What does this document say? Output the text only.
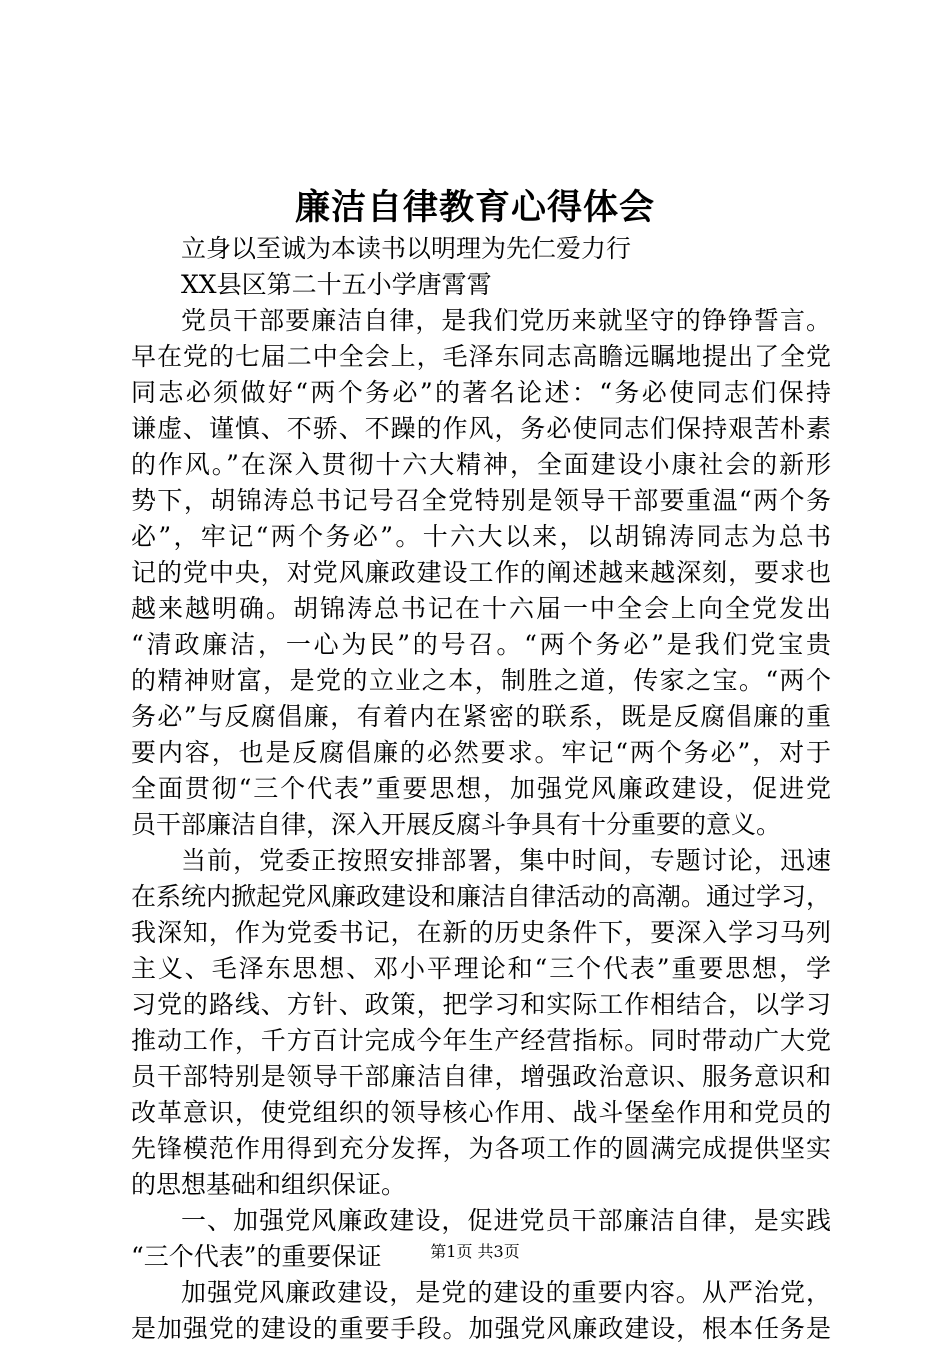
廉洁自律教育心得体会
立身以至诚为本读书以明理为先仁爱力行
XX县区第二十五小学唐霄霄
党员干部要廉洁自律，是我们党历来就坚守的铮铮誓言。
早在党的七届二中全会上，毛泽东同志高瞻远瞩地提出了全党
同志必须做好“两个务必”的著名论述：“务必使同志们保持
谦虚、谨慎、不骄、不躁的作风，务必使同志们保持艰苦朴素
的作风。”在深入贯彻十六大精神，全面建设小康社会的新形
势下，胡锦涛总书记号召全党特别是领导干部要重温“两个务
必”，牢记“两个务必”。十六大以来，以胡锦涛同志为总书
记的党中央，对党风廉政建设工作的阐述越来越深刻，要求也
越来越明确。胡锦涛总书记在十六届一中全会上向全党发出
“清政廉洁，一心为民”的号召。“两个务必”是我们党宝贵
的精神财富，是党的立业之本，制胜之道，传家之宝。“两个
务必”与反腐倡廉，有着内在紧密的联系，既是反腐倡廉的重
要内容，也是反腐倡廉的必然要求。牢记“两个务必”，对于
全面贯彻“三个代表”重要思想，加强党风廉政建设，促进党
员干部廉洁自律，深入开展反腐斗争具有十分重要的意义。
当前，党委正按照安排部署，集中时间，专题讨论，迅速
在系统内掀起党风廉政建设和廉洁自律活动的高潮。通过学习，
我深知，作为党委书记，在新的历史条件下，要深入学习马列
主义、毛泽东思想、邓小平理论和“三个代表”重要思想，学
习党的路线、方针、政策，把学习和实际工作相结合，以学习
推动工作，千方百计完成今年生产经营指标。同时带动广大党
员干部特别是领导干部廉洁自律，增强政治意识、服务意识和
改革意识，使党组织的领导核心作用、战斗堡垒作用和党员的
先锋模范作用得到充分发挥，为各项工作的圆满完成提供坚实
的思想基础和组织保证。
一、加强党风廉政建设，促进党员干部廉洁自律，是实践
“三个代表”的重要保证
加强党风廉政建设，是党的建设的重要内容。从严治党，
是加强党的建设的重要手段。加强党风廉政建设，根本任务是
第1页 共3页
